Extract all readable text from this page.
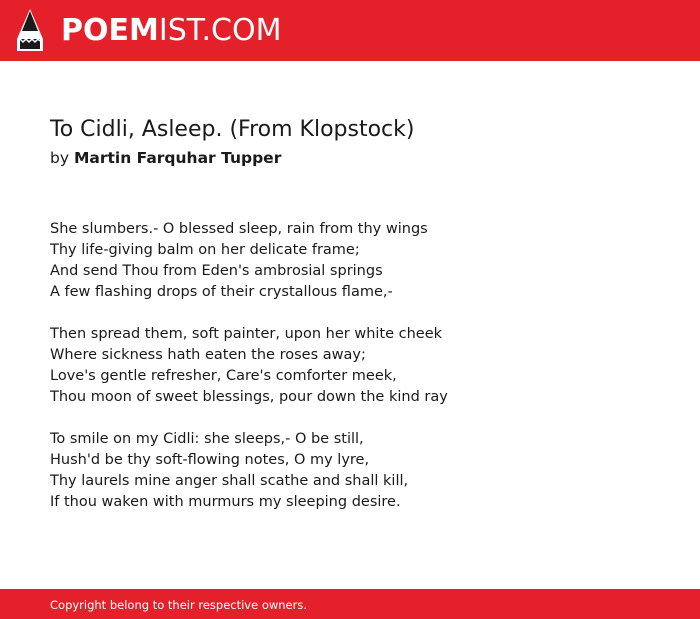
POEMIST.COM
To Cidli, Asleep. (From Klopstock)
by Martin Farquhar Tupper
She slumbers.- O blessed sleep, rain from thy wings
Thy life-giving balm on her delicate frame;
And send Thou from Eden's ambrosial springs
A few flashing drops of their crystallous flame,-
Then spread them, soft painter, upon her white cheek
Where sickness hath eaten the roses away;
Love's gentle refresher, Care's comforter meek,
Thou moon of sweet blessings, pour down the kind ray
To smile on my Cidli: she sleeps,- O be still,
Hush'd be thy soft-flowing notes, O my lyre,
Thy laurels mine anger shall scathe and shall kill,
If thou waken with murmurs my sleeping desire.
Copyright belong to their respective owners.
